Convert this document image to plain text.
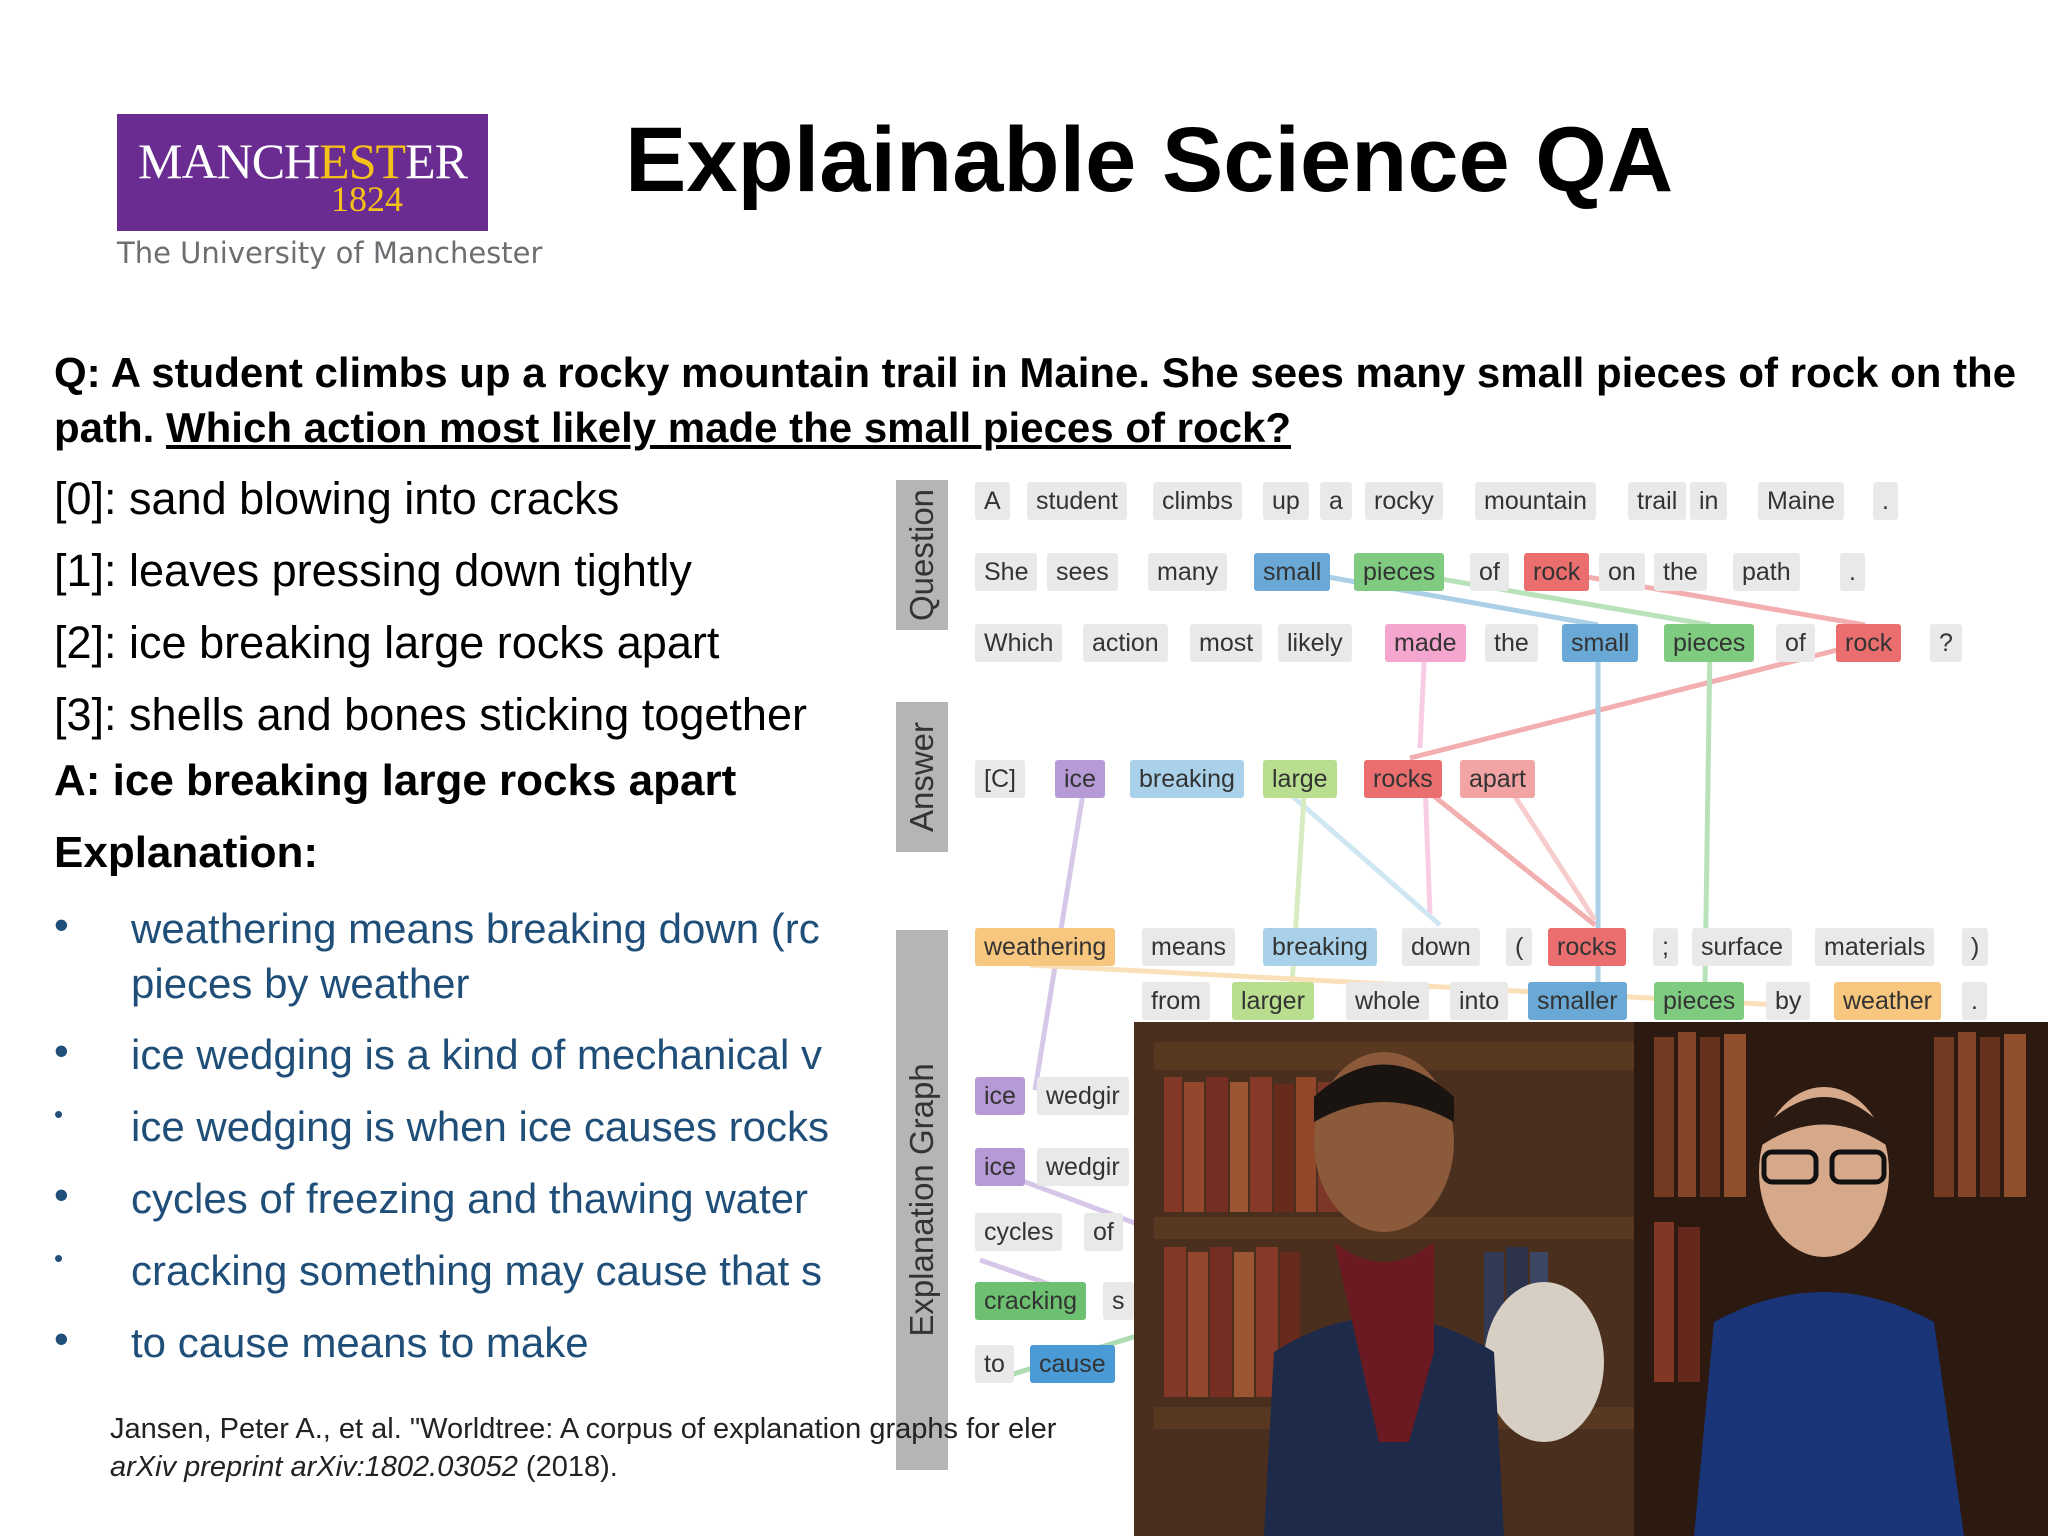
MANCHESTER
1824
The University of Manchester
Explainable Science QA
Q: A student climbs up a rocky mountain trail in Maine. She sees many small pieces of rock on the path. Which action most likely made the small pieces of rock?
[0]: sand blowing into cracks
[1]: leaves pressing down tightly
[2]: ice breaking large rocks apart
[3]: shells and bones sticking together
A: ice breaking large rocks apart
Explanation:
• weathering means breaking down (rc
pieces by weather
• ice wedging is a kind of mechanical v
• ice wedging is when ice causes rocks
• cycles of freezing and thawing water
• cracking something may cause that s
• to cause means to make
Question
Answer
Explanation Graph
A	student	climbs	up	a	rocky	mountain	trail in	Maine	.
She	sees	many	small	pieces	of	rock	on	the	path	.
Which	action	most	likely	made	the	small	pieces	of	rock	?
[C]	ice	breaking	large	rocks	apart
weathering	means	breaking	down	(	rocks	;	surface	materials	)
from	larger	whole	into	smaller	pieces	by	weather	.
ice	wedgir
ice	wedgir
cycles	of
cracking	s
to	cause
Jansen, Peter A., et al. "Worldtree: A corpus of explanation graphs for eler
arXiv preprint arXiv:1802.03052 (2018).
